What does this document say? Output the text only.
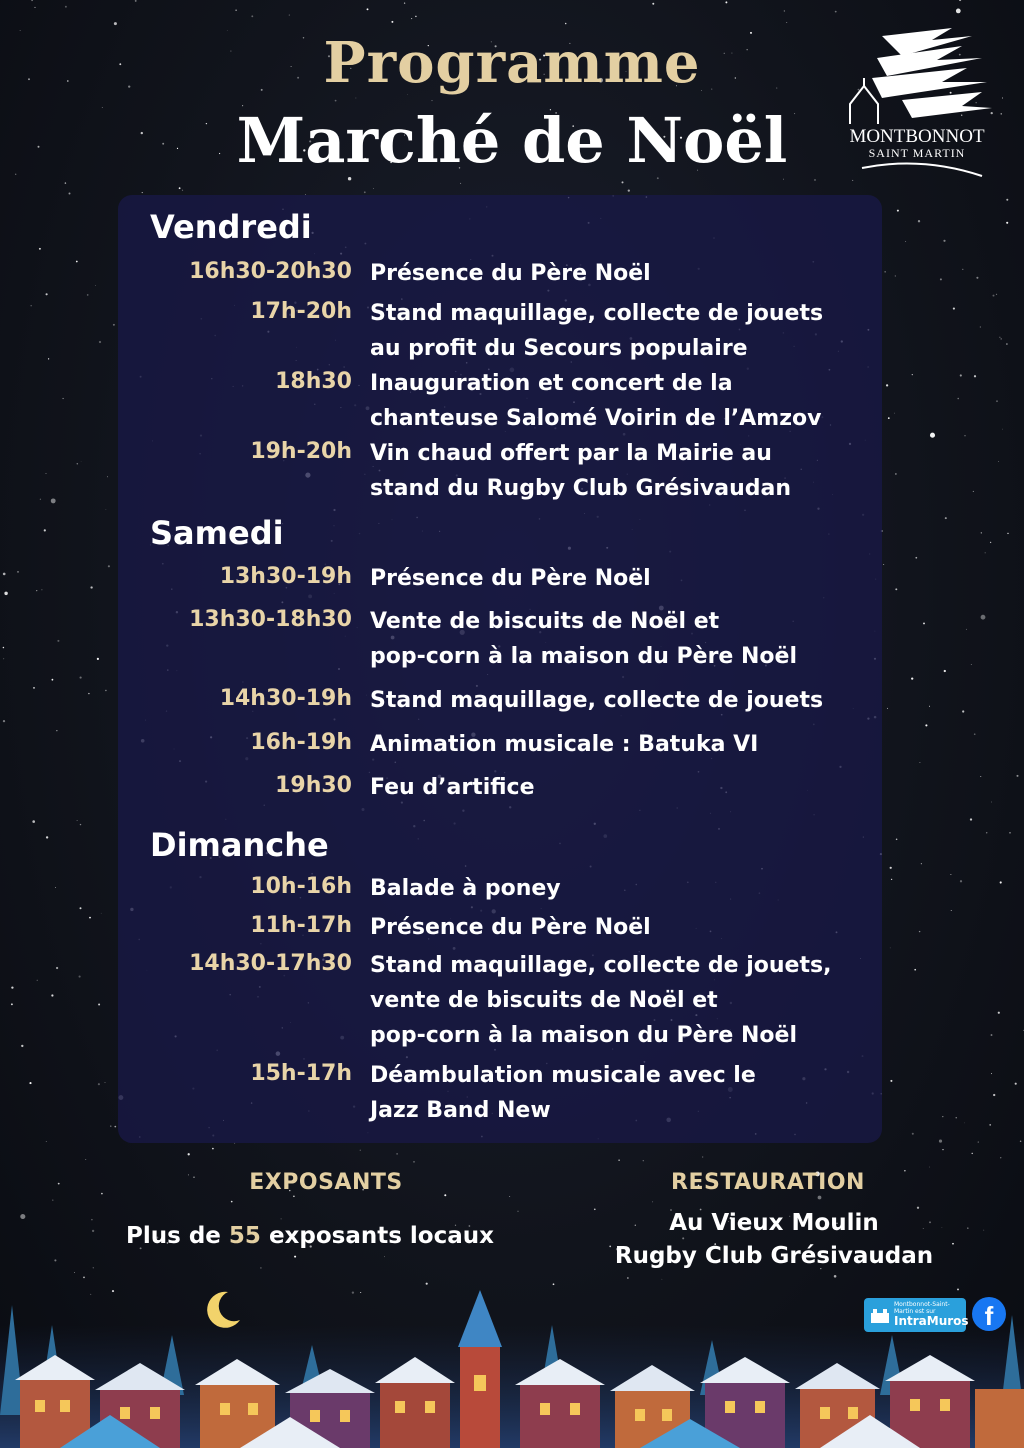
Programme
Marché de Noël	MONTBONNOT
SAINT MARTIN
Vendredi
16h30-20h30 Présence du Père Noël
17h-20h Stand maquillage, collecte de jouets
au profit du Secours populaire
18h30 Inauguration et concert de la
chanteuse Salomé Voirin de l’Amzov
19h-20h Vin chaud offert par la Mairie au
stand du Rugby Club Grésivaudan
Samedi
13h30-19h Présence du Père Noël
13h30-18h30 Vente de biscuits de Noël et
pop-corn à la maison du Père Noël
14h30-19h Stand maquillage, collecte de jouets
16h-19h Animation musicale : Batuka VI
19h30 Feu d’artifice
Dimanche
10h-16h Balade à poney
11h-17h Présence du Père Noël
14h30-17h30 Stand maquillage, collecte de jouets,
vente de biscuits de Noël et
pop-corn à la maison du Père Noël
15h-17h Déambulation musicale avec le
Jazz Band New
EXPOSANTS
Plus de 55 exposants locaux
RESTAURATION
Au Vieux Moulin
Rugby Club Grésivaudan
Montbonnot-Saint-Martin est sur
IntraMuros f
